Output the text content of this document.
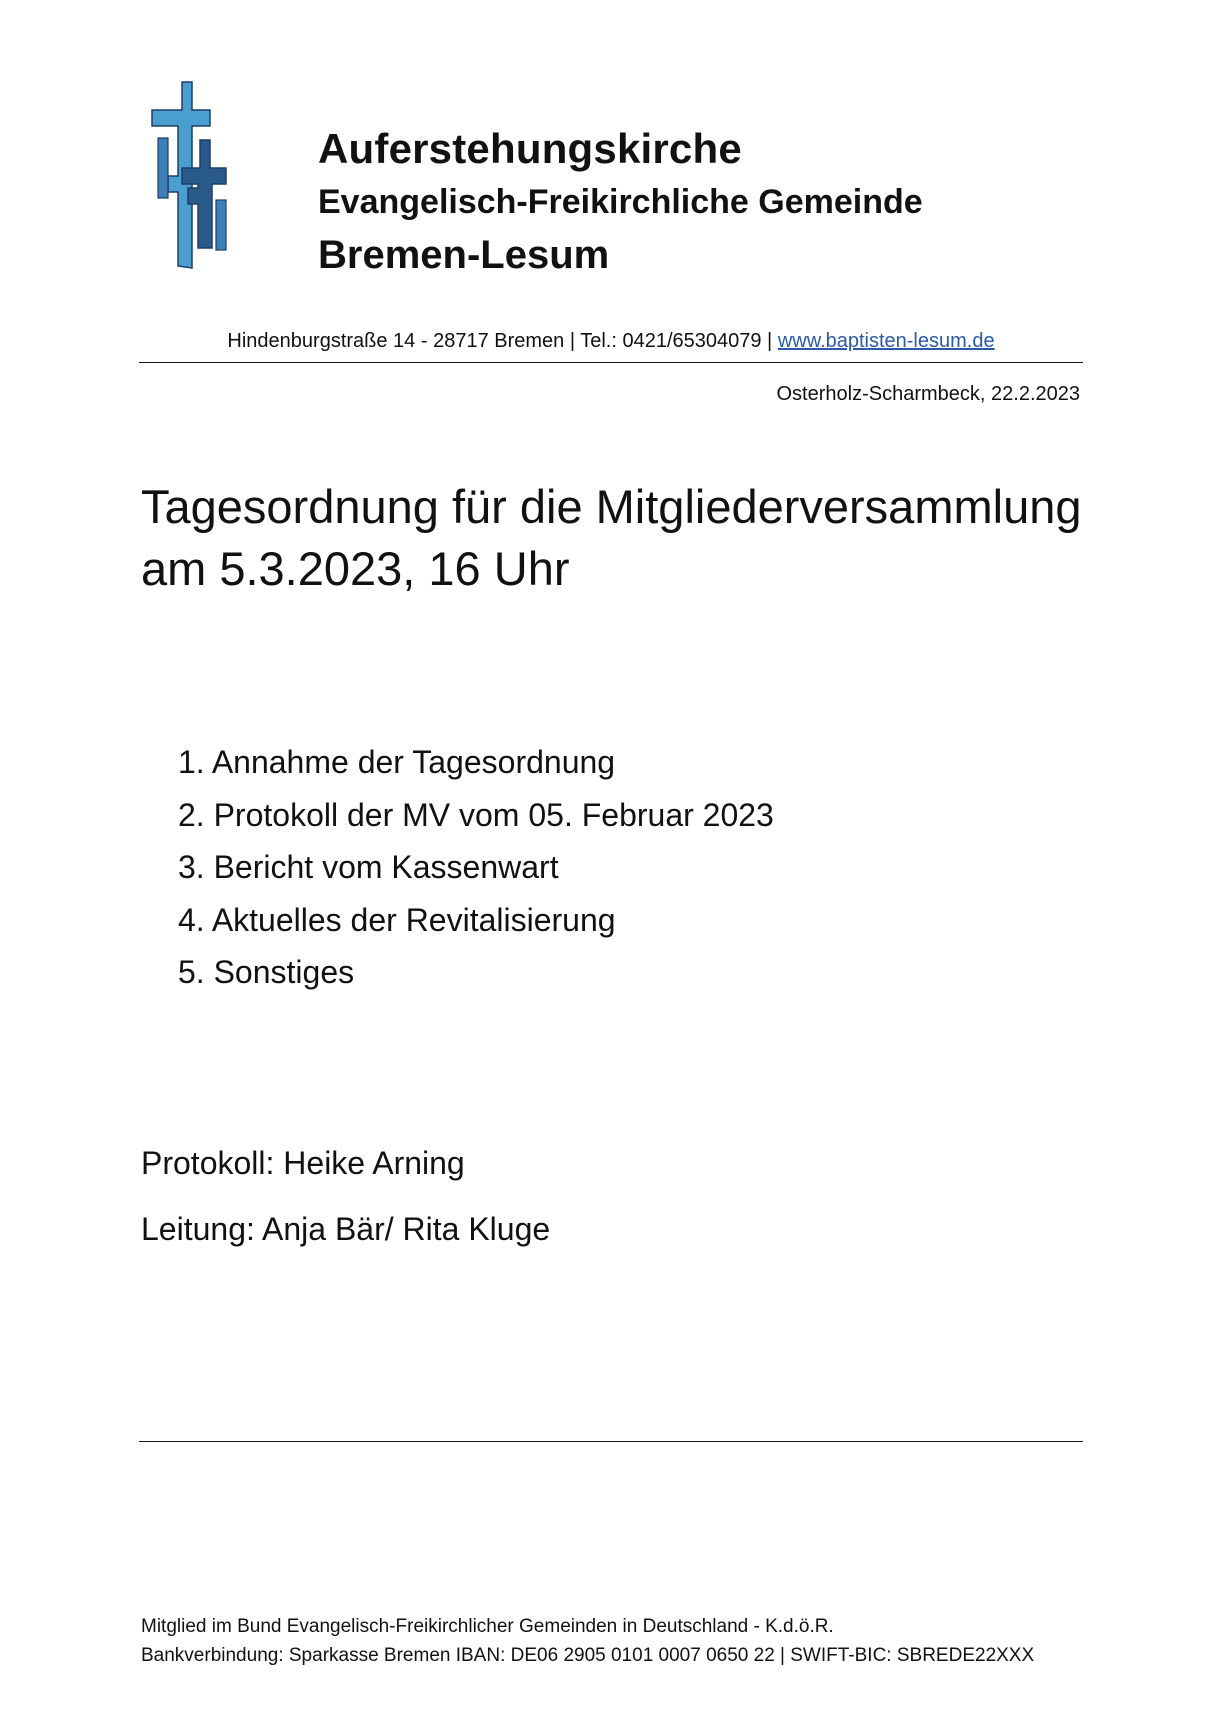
Auferstehungskirche
Evangelisch-Freikirchliche Gemeinde
Bremen-Lesum
Hindenburgstraße 14 - 28717 Bremen | Tel.: 0421/65304079 | www.baptisten-lesum.de
Osterholz-Scharmbeck, 22.2.2023
Tagesordnung für die Mitgliederversammlung
am 5.3.2023, 16 Uhr
1. Annahme der Tagesordnung
2. Protokoll der MV vom 05. Februar 2023
3. Bericht vom Kassenwart
4. Aktuelles der Revitalisierung
5. Sonstiges
Protokoll: Heike Arning
Leitung: Anja Bär/ Rita Kluge
Mitglied im Bund Evangelisch-Freikirchlicher Gemeinden in Deutschland - K.d.ö.R.
Bankverbindung: Sparkasse Bremen IBAN: DE06 2905 0101 0007 0650 22 | SWIFT-BIC: SBREDE22XXX
